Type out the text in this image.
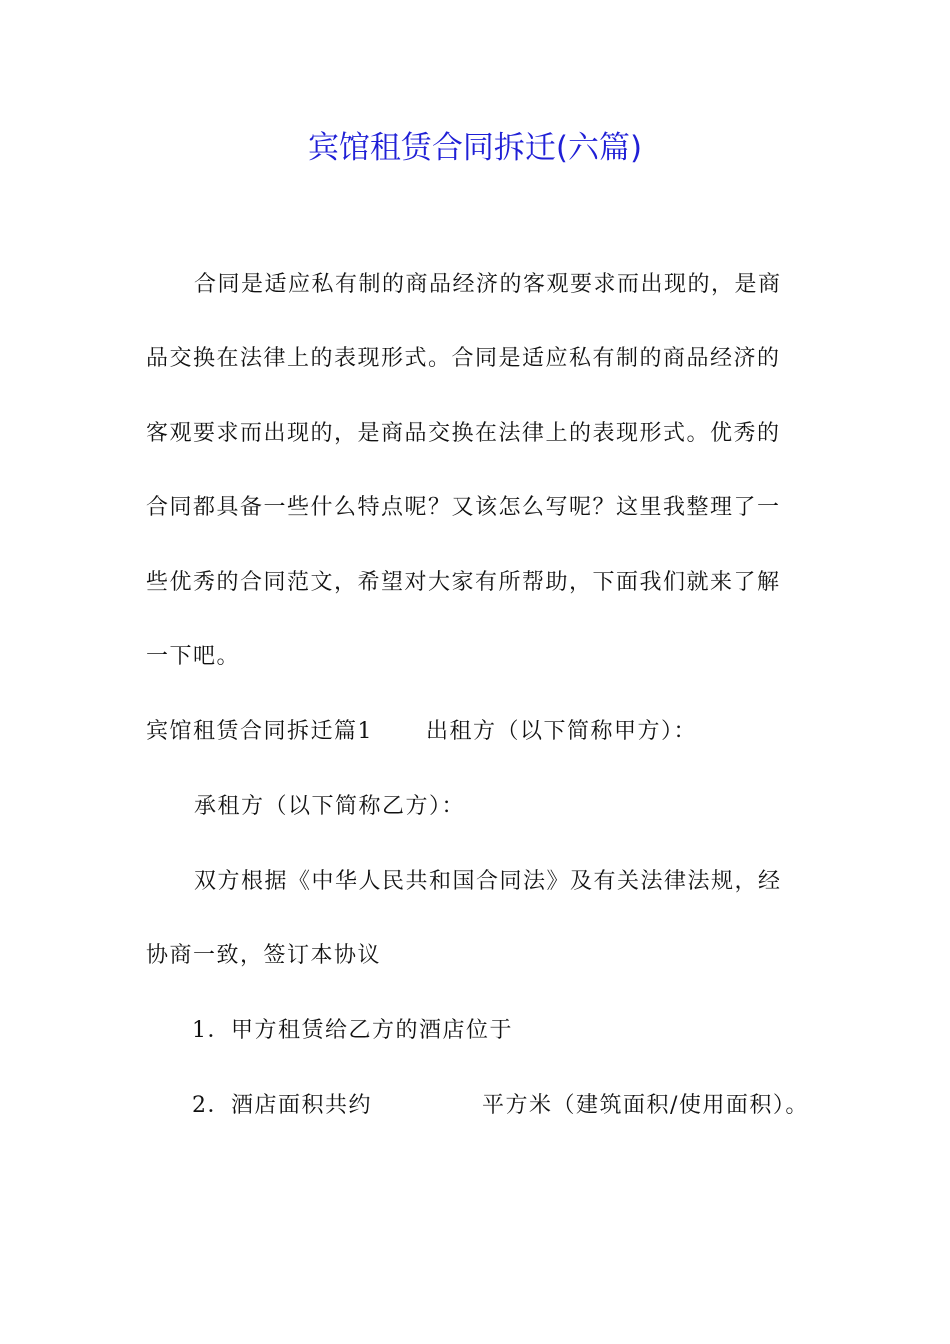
宾馆租赁合同拆迁(六篇)
合同是适应私有制的商品经济的客观要求而出现的，是商
品交换在法律上的表现形式。合同是适应私有制的商品经济的
客观要求而出现的，是商品交换在法律上的表现形式。优秀的
合同都具备一些什么特点呢？又该怎么写呢？这里我整理了一
些优秀的合同范文，希望对大家有所帮助，下面我们就来了解
一下吧。
宾馆租赁合同拆迁篇1 出租方（以下简称甲方）：
承租方（以下简称乙方）：
双方根据《中华人民共和国合同法》及有关法律法规，经
协商一致，签订本协议
1．甲方租赁给乙方的酒店位于
2．酒店面积共约	平方米（建筑面积/使用面积）。
